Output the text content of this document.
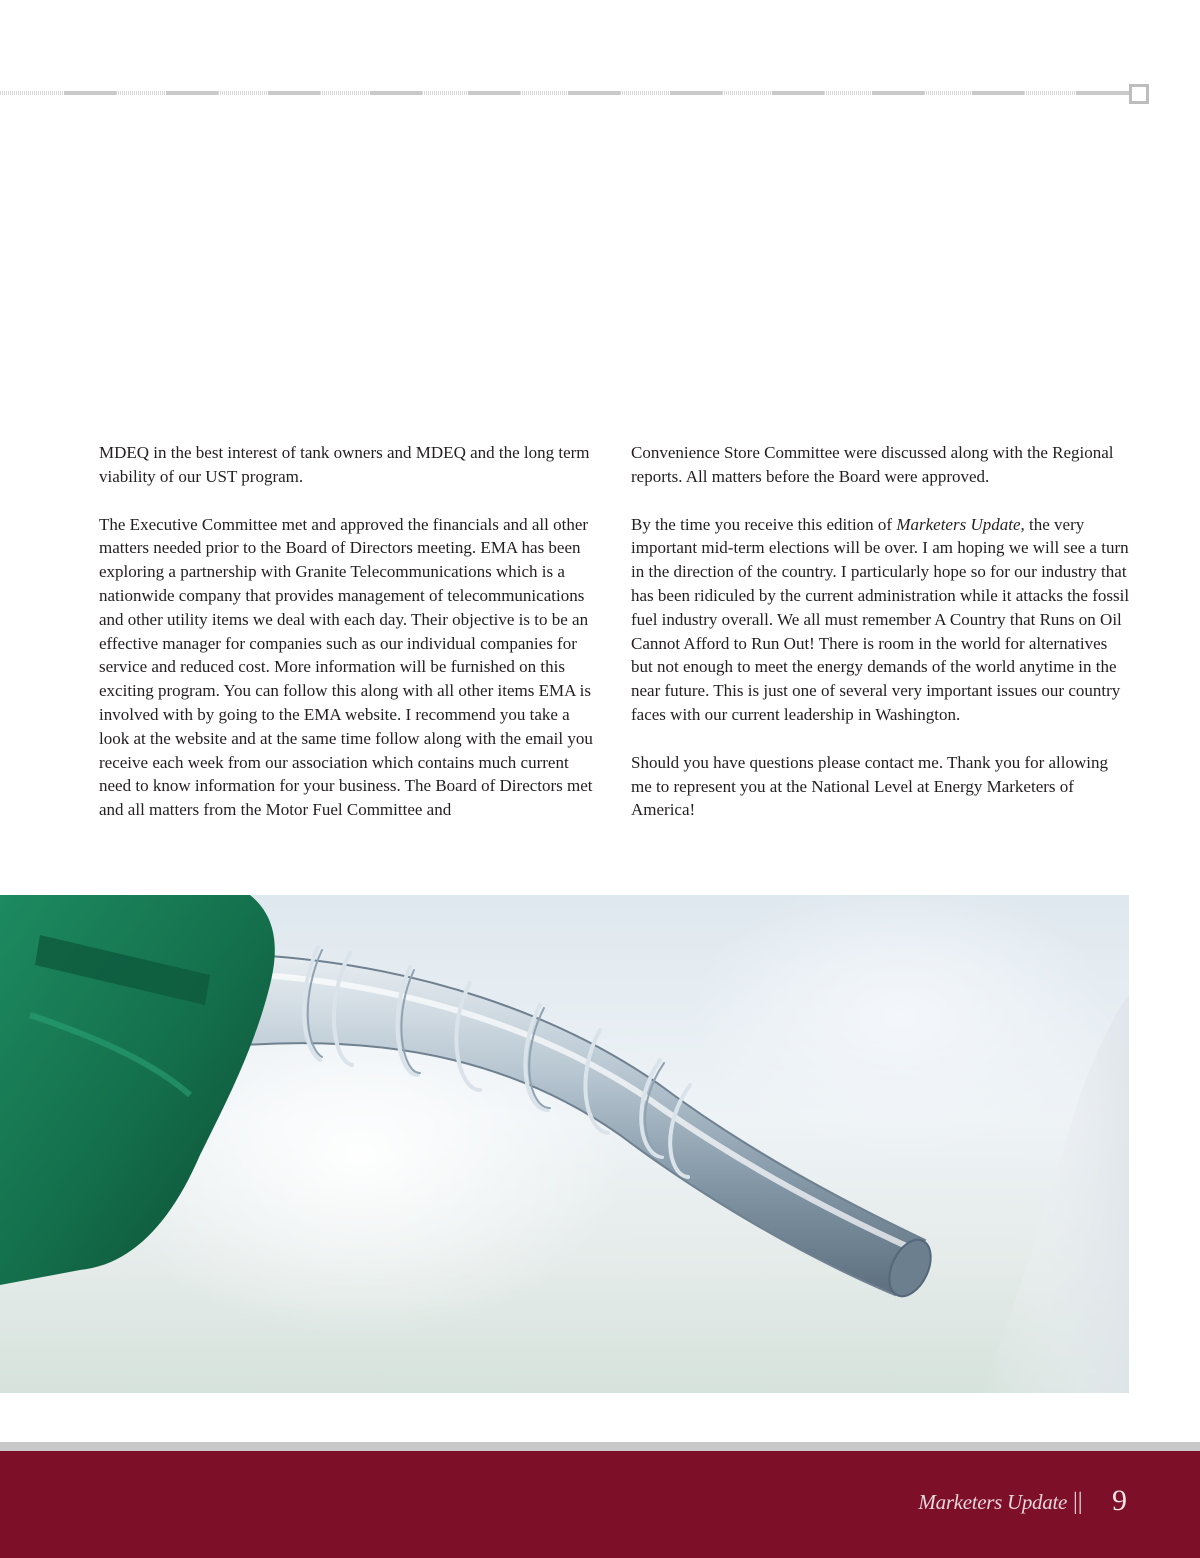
MDEQ in the best interest of tank owners and MDEQ and the long term viability of our UST program.

The Executive Committee met and approved the financials and all other matters needed prior to the Board of Directors meeting. EMA has been exploring a partnership with Granite Telecommunications which is a nationwide company that provides management of telecommunications and other utility items we deal with each day. Their objective is to be an effective manager for companies such as our individual companies for service and reduced cost. More information will be furnished on this exciting program. You can follow this along with all other items EMA is involved with by going to the EMA website. I recommend you take a look at the website and at the same time follow along with the email you receive each week from our association which contains much current need to know information for your business. The Board of Directors met and all matters from the Motor Fuel Committee and

Convenience Store Committee were discussed along with the Regional reports. All matters before the Board were approved.

By the time you receive this edition of Marketers Update, the very important mid-term elections will be over. I am hoping we will see a turn in the direction of the country. I particularly hope so for our industry that has been ridiculed by the current administration while it attacks the fossil fuel industry overall. We all must remember A Country that Runs on Oil Cannot Afford to Run Out! There is room in the world for alternatives but not enough to meet the energy demands of the world anytime in the near future. This is just one of several very important issues our country faces with our current leadership in Washington.

Should you have questions please contact me. Thank you for allowing me to represent you at the National Level at Energy Marketers of America!

Marketers Update || 9
